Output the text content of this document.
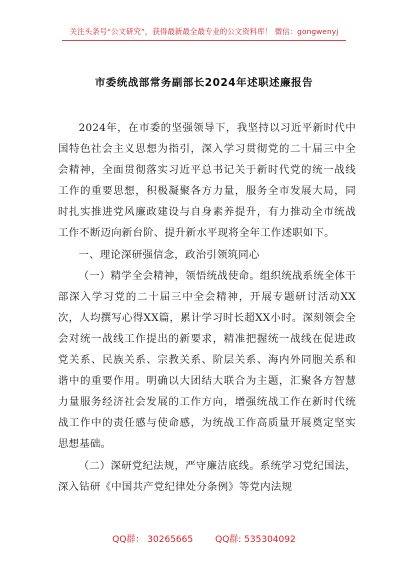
关注头条号“公文研究”，获得最新最全最专业的公文资料库！ 微信：gongwenyj
市委统战部常务副部长2024年述职述廉报告

2024年，在市委的坚强领导下，我坚持以习近平新时代中国特色社会主义思想为指引，深入学习贯彻党的二十届三中全会精神，全面贯彻落实习近平总书记关于新时代党的统一战线工作的重要思想，积极凝聚各方力量，服务全市发展大局，同时扎实推进党风廉政建设与自身素养提升，有力推动全市统战工作不断迈向新台阶、提升新水平现将全年工作述职如下。

一、理论深研强信念，政治引领筑同心

（一）精学全会精神，领悟统战使命。组织统战系统全体干部深入学习党的二十届三中全会精神，开展专题研讨活动XX次，人均撰写心得XX篇，累计学习时长超XX小时。深刻领会全会对统一战线工作提出的新要求，精准把握统一战线在促进政党关系、民族关系、宗教关系、阶层关系、海内外同胞关系和谐中的重要作用。明确以大团结大联合为主题，汇聚各方智慧力量服务经济社会发展的工作方向，增强统战工作在新时代统战工作中的责任感与使命感，为统战工作高质量开展奠定坚实思想基础。

（二）深研党纪法规，严守廉洁底线。系统学习党纪国法，深入钻研《中国共产党纪律处分条例》等党内法规

QQ群： 30265665 QQ群: 535304092
